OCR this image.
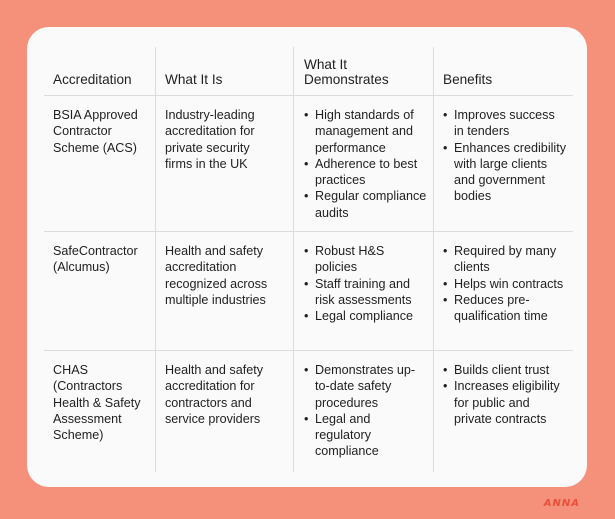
Accreditation	What It Is
What It Demonstrates	Benefits
BSIA Approved Contractor Scheme (ACS)
Industry-leading accreditation for private security firms in the UK
• High standards of management and performance
• Adherence to best practices
• Regular compliance audits
• Improves success in tenders
• Enhances credibility with large clients and government bodies
SafeContractor (Alcumus)
Health and safety accreditation recognized across multiple industries
• Robust H&S policies
• Staff training and risk assessments
• Legal compliance
• Required by many clients
• Helps win contracts
• Reduces pre-qualification time
CHAS (Contractors Health & Safety Assessment Scheme)
Health and safety accreditation for contractors and service providers
• Demonstrates up-to-date safety procedures
• Legal and regulatory compliance
• Builds client trust
• Increases eligibility for public and private contracts
ANNA
